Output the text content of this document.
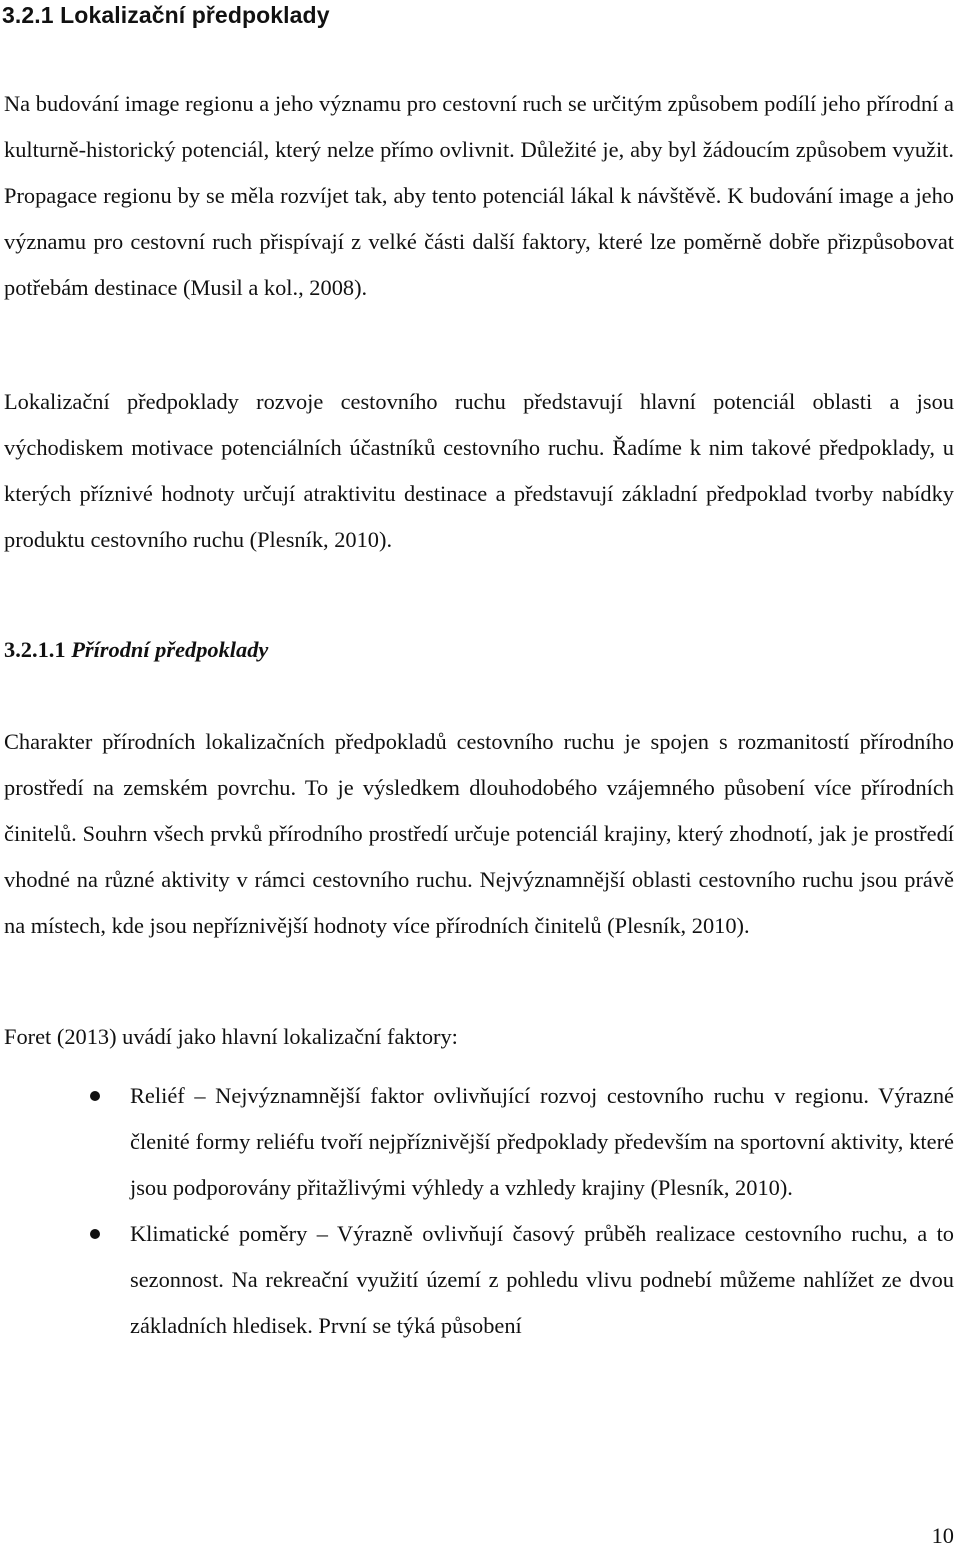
3.2.1 Lokalizační předpoklady

Na budování image regionu a jeho významu pro cestovní ruch se určitým způsobem podílí jeho přírodní a kulturně-historický potenciál, který nelze přímo ovlivnit. Důležité je, aby byl žádoucím způsobem využit. Propagace regionu by se měla rozvíjet tak, aby tento potenciál lákal k návštěvě. K budování image a jeho významu pro cestovní ruch přispívají z velké části další faktory, které lze poměrně dobře přizpůsobovat potřebám destinace (Musil a kol., 2008).

Lokalizační předpoklady rozvoje cestovního ruchu představují hlavní potenciál oblasti a jsou východiskem motivace potenciálních účastníků cestovního ruchu. Řadíme k nim takové předpoklady, u kterých příznivé hodnoty určují atraktivitu destinace a představují základní předpoklad tvorby nabídky produktu cestovního ruchu (Plesník, 2010).

3.2.1.1 Přírodní předpoklady

Charakter přírodních lokalizačních předpokladů cestovního ruchu je spojen s rozmanitostí přírodního prostředí na zemském povrchu. To je výsledkem dlouhodobého vzájemného působení více přírodních činitelů. Souhrn všech prvků přírodního prostředí určuje potenciál krajiny, který zhodnotí, jak je prostředí vhodné na různé aktivity v rámci cestovního ruchu. Nejvýznamnější oblasti cestovního ruchu jsou právě na místech, kde jsou nepříznivější hodnoty více přírodních činitelů (Plesník, 2010).

Foret (2013) uvádí jako hlavní lokalizační faktory:

Reliéf – Nejvýznamnější faktor ovlivňující rozvoj cestovního ruchu v regionu. Výrazné členité formy reliéfu tvoří nejpříznivější předpoklady především na sportovní aktivity, které jsou podporovány přitažlivými výhledy a vzhledy krajiny (Plesník, 2010).
Klimatické poměry – Výrazně ovlivňují časový průběh realizace cestovního ruchu, a to sezonnost. Na rekreační využití území z pohledu vlivu podnebí můžeme nahlížet ze dvou základních hledisek. První se týká působení

10
